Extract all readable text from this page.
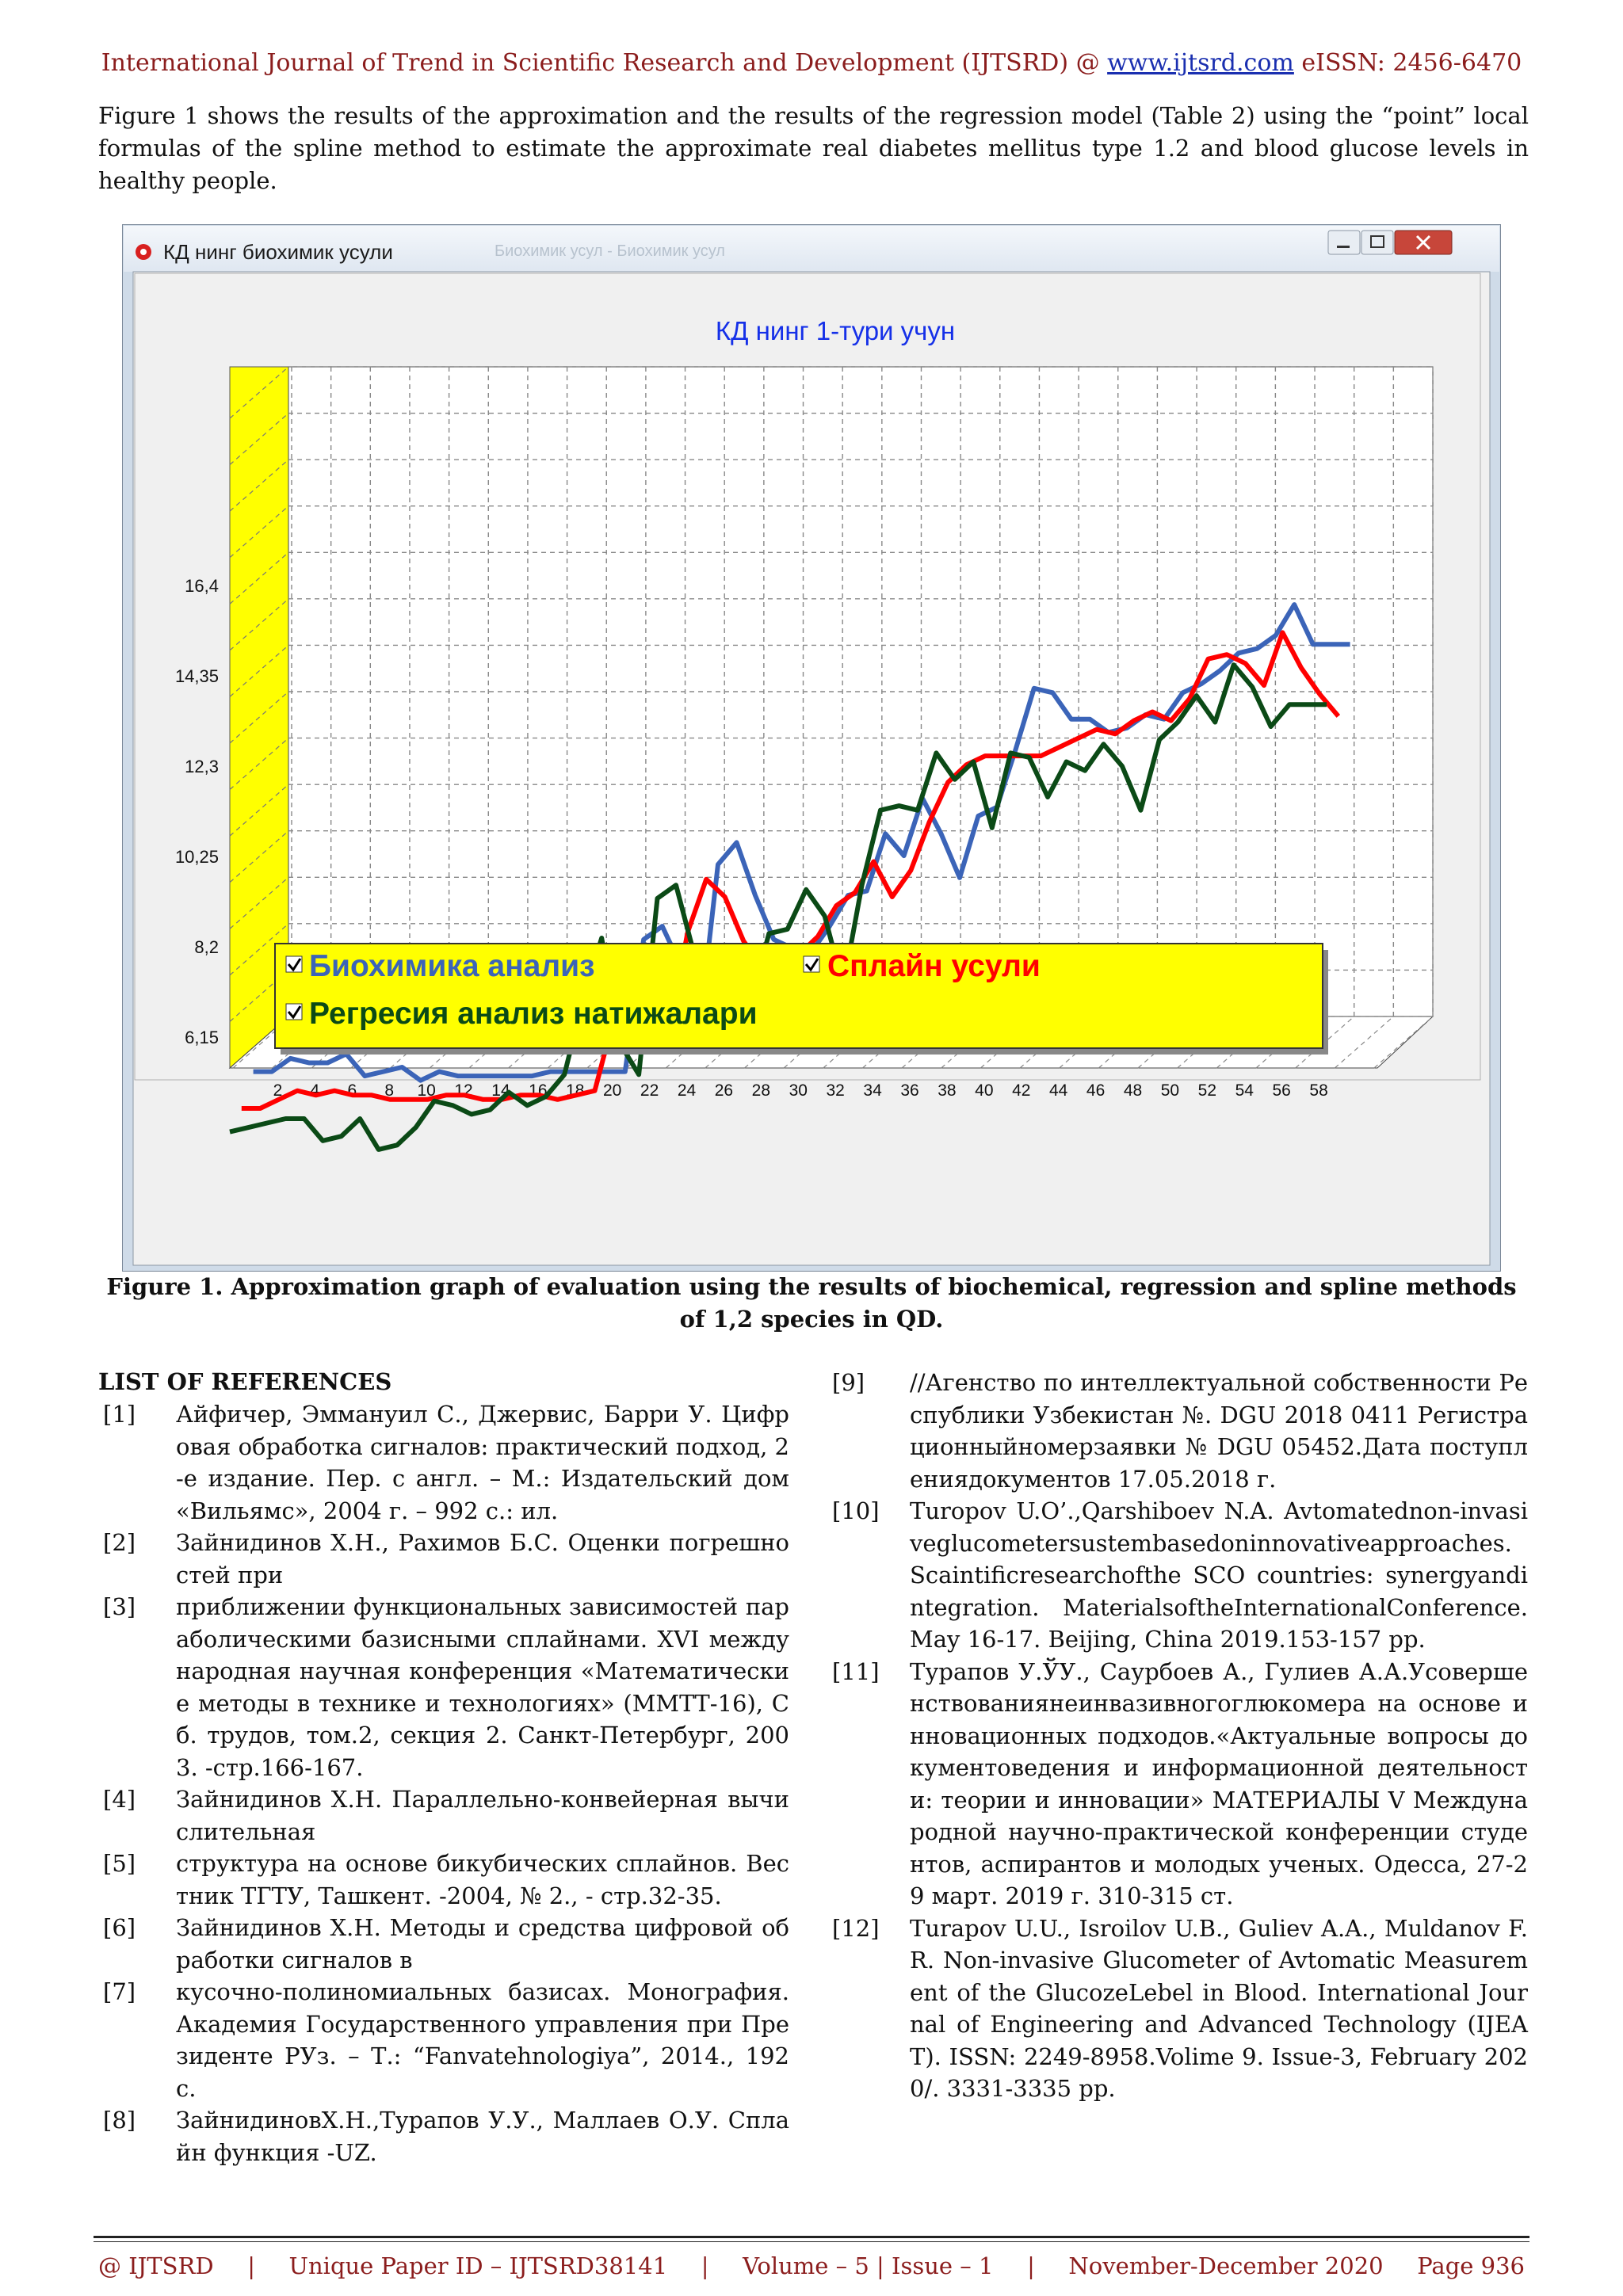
International Journal of Trend in Scientific Research and Development (IJTSRD) @ www.ijtsrd.com eISSN: 2456-6470
Figure 1 shows the results of the approximation and the results of the regression model (Table 2) using the “point” local formulas of the spline method to estimate the approximate real diabetes mellitus type 1.2 and blood glucose levels in healthy people.
КД нинг биохимик усули	Биохимик усул - Биохимик усул
КД нинг 1-тури учун
6,15
8,2
10,25
12,3
14,35
16,4
2 4 6 8 10 12 14 16 18 20 22 24 26 28 30 32 34 36 38 40 42 44 46 48 50 52 54 56 58
Биохимика анализ	Сплайн усули
Регресия анализ натижалари
Figure 1. Approximation graph of evaluation using the results of biochemical, regression and spline methods of 1,2 species in QD.
LIST OF REFERENCES
[1]	Айфичер, Эммануил С., Джервис, Барри У. Цифровая обработка сигналов: практический подход, 2-е издание. Пер. с англ. – М.: Издательский дом «Вильямс», 2004 г. – 992 с.: ил.
[2]	Зайнидинов Х.Н., Рахимов Б.С. Оценки погрешностей при
[3]	приближении функциональных зависимостей параболическими базисными сплайнами. XVI международная научная конференция «Математические методы в технике и технологиях» (ММТТ-16), Сб. трудов, том.2, секция 2. Санкт-Петербург, 2003. -стр.166-167.
[4]	Зайнидинов Х.Н. Параллельно-конвейерная вычислительная
[5]	структура на основе бикубических сплайнов. Вестник ТГТУ, Ташкент. -2004, № 2., - стр.32-35.
[6]	Зайнидинов Х.Н. Методы и средства цифровой обработки сигналов в
[7]	кусочно-полиномиальных базисах. Монография. Академия Государственного управления при Президенте РУз. – Т.: “Fanvatehnologiya”, 2014., 192 с.
[8]	ЗайнидиновХ.Н.,Турапов У.У., Маллаев О.У. Сплайн функция -UZ.
[9]	//Агенство по интеллектуальной собственности Республики Узбекистан №. DGU 2018 0411 Регистрационныйномерзаявки № DGU 05452.Дата поступлениядокументов 17.05.2018 г.
[10]	Turopov U.O’.,Qarshiboev N.A. Avtomatednon-invasiveglucometersustembasedoninnovativeapproaches. Scaintificresearchofthe SCO countries: synergyandintegration. MaterialsoftheInternationalConference. May 16-17. Beijing, China 2019.153-157 pp.
[11]	Турапов У.ЎУ., Саурбоев А., Гулиев А.А.Усовершенствованиянеинвазивногоглюкомера на основе инновационных подходов.«Актуальные вопросы документоведения и информационной деятельности: теории и инновации» МАТЕРИАЛЫ V Международной научно-практической конференции студентов, аспирантов и молодых ученых. Одесса, 27-29 март. 2019 г. 310-315 ст.
[12]	Turapov U.U., Isroilov U.B., Guliev A.A., Muldanov F.R. Non-invasive Glucometer of Avtomatic Measurement of the GlucozeLebel in Blood. International Journal of Engineering and Advanced Technology (IJEAT). ISSN: 2249-8958.Volime 9. Issue-3, February 2020/. 3331-3335 pp.
@ IJTSRD | Unique Paper ID – IJTSRD38141 | Volume – 5 | Issue – 1 | November-December 2020 Page 936
